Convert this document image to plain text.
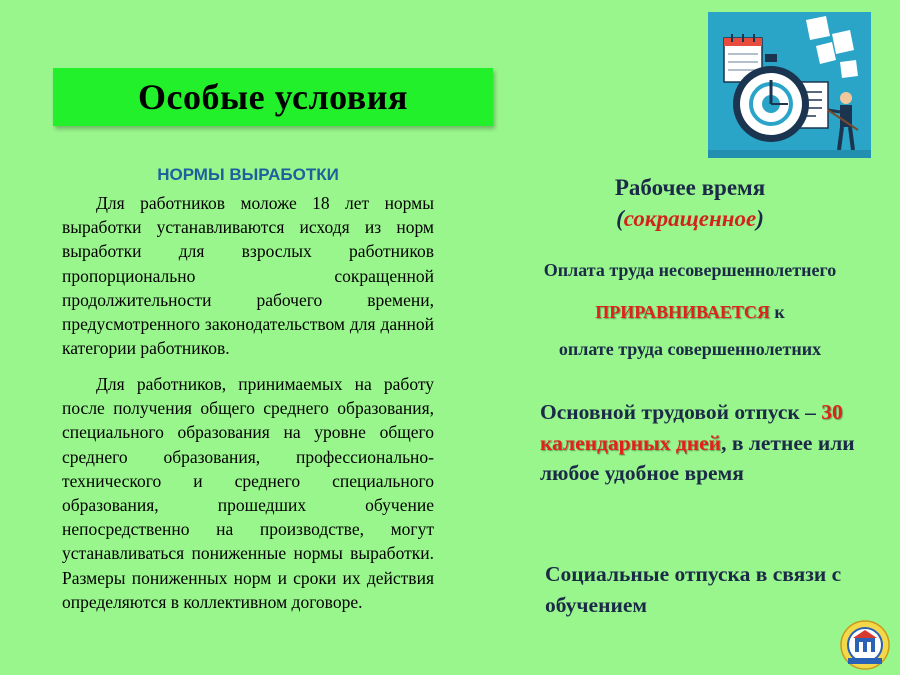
Особые условия
НОРМЫ ВЫРАБОТКИ

Для работников моложе 18 лет нормы выработки устанавливаются исходя из норм выработки для взрослых работников пропорционально сокращенной продолжительности рабочего времени, предусмотренного законодательством для данной категории работников.

Для работников, принимаемых на работу после получения общего среднего образования, специального образования на уровне общего среднего образования, профессионально-технического и среднего специального образования, прошедших обучение непосредственно на производстве, могут устанавливаться пониженные нормы выработки. Размеры пониженных норм и сроки их действия определяются в коллективном договоре.

Рабочее время
(сокращенное)
Оплата труда несовершеннолетнего
ПРИРАВНИВАЕТСЯ к
оплате труда совершеннолетних
Основной трудовой отпуск – 30 календарных дней, в летнее или любое удобное время
Социальные отпуска в связи с обучением
